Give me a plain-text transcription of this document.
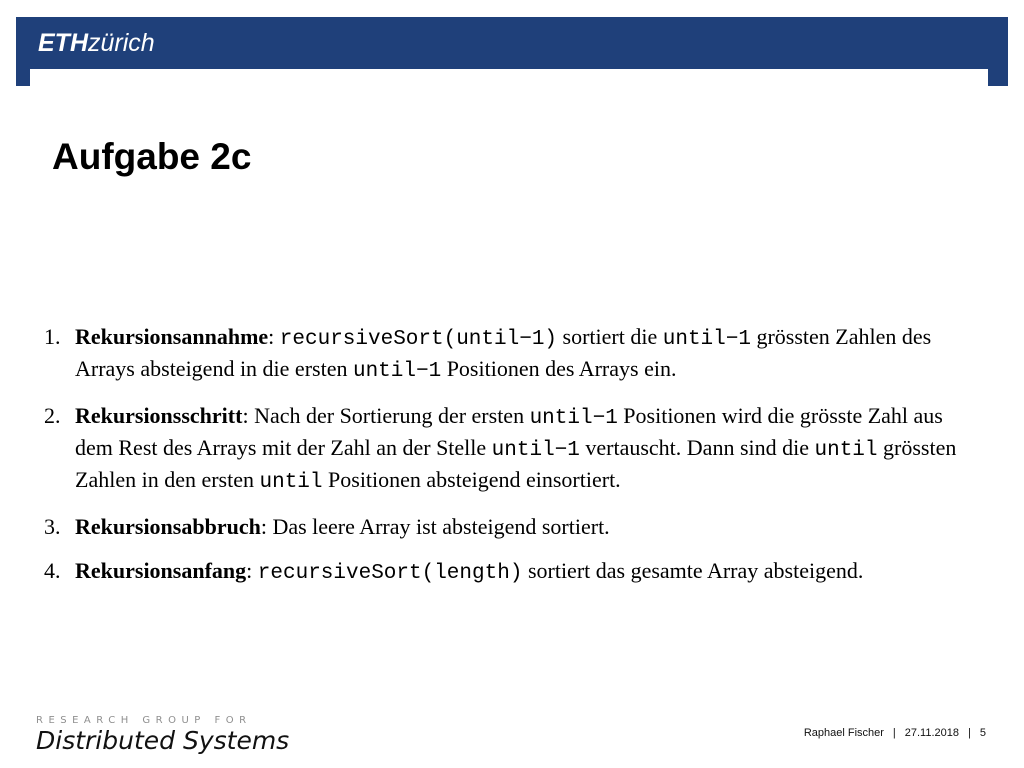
ETHzürich
Aufgabe 2c
1. Rekursionsannahme: recursiveSort(until−1) sortiert die until−1 grössten Zahlen des Arrays absteigend in die ersten until−1 Positionen des Arrays ein.
2. Rekursionsschritt: Nach der Sortierung der ersten until−1 Positionen wird die grösste Zahl aus dem Rest des Arrays mit der Zahl an der Stelle until−1 vertauscht. Dann sind die until grössten Zahlen in den ersten until Positionen absteigend einsortiert.
3. Rekursionsabbruch: Das leere Array ist absteigend sortiert.
4. Rekursionsanfang: recursiveSort(length) sortiert das gesamte Array absteigend.
RESEARCH GROUP FOR
Distributed Systems	Raphael Fischer | 27.11.2018 | 5
